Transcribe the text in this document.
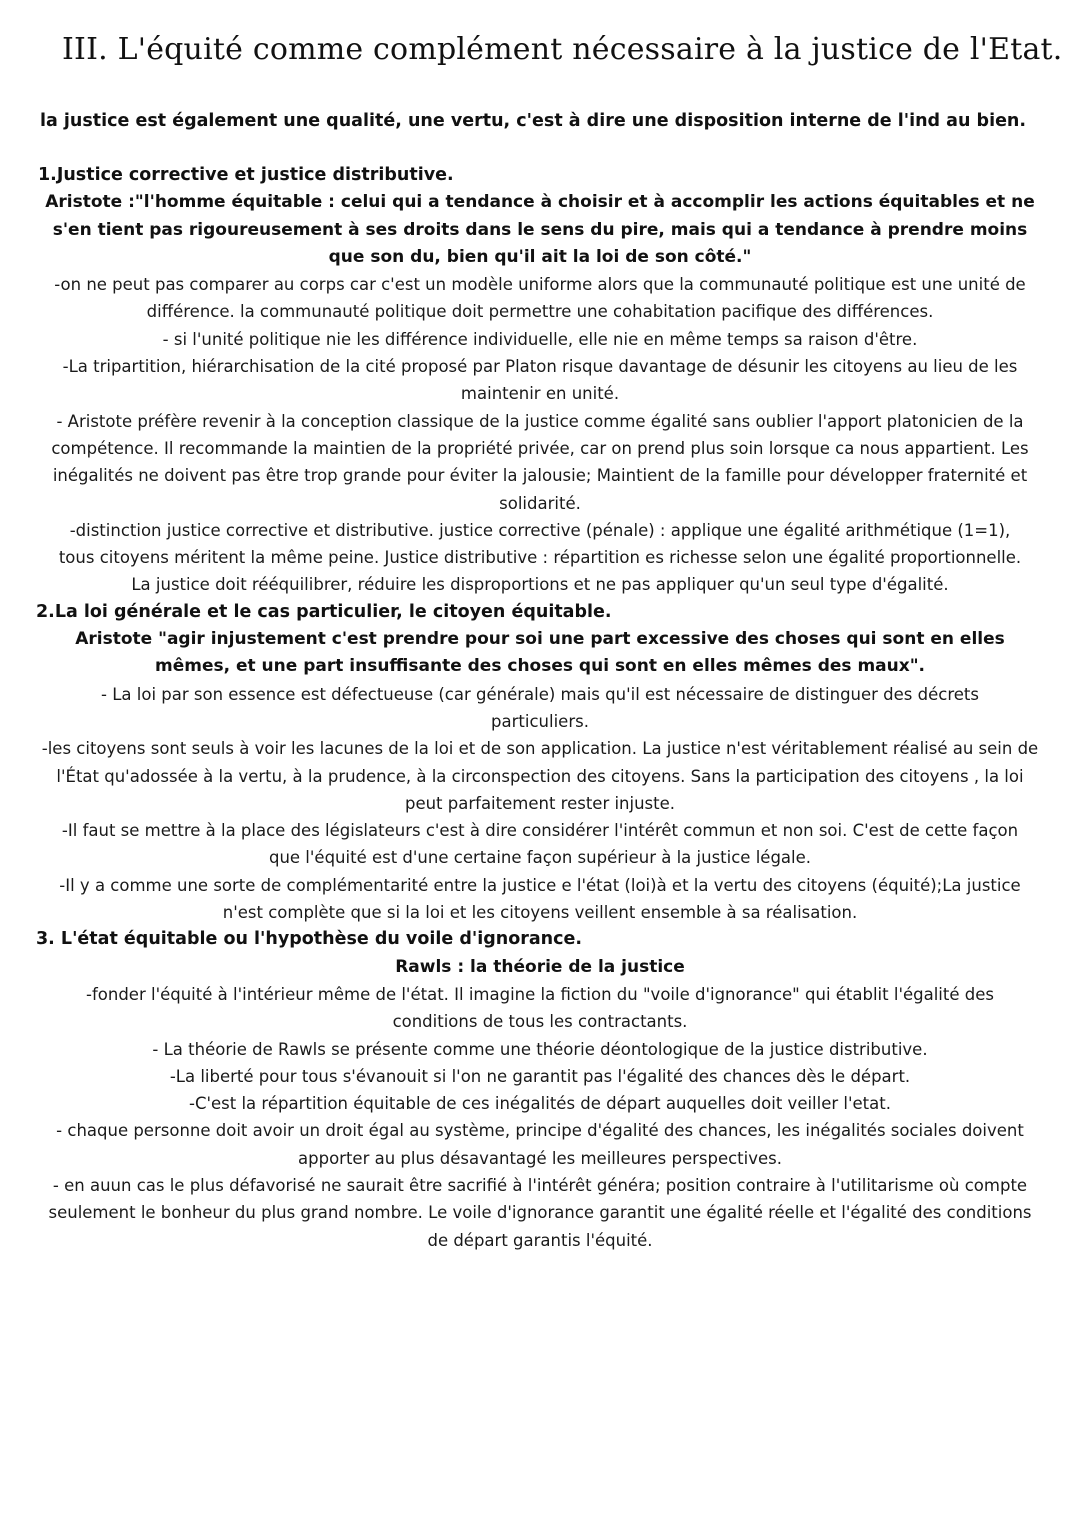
III. L'équité comme complément nécessaire à la justice de l'Etat.

la justice est également une qualité, une vertu, c'est à dire une disposition interne de l'ind au bien.

1.Justice corrective et justice distributive.

Aristote :"l'homme équitable : celui qui a tendance à choisir et à accomplir les actions équitables et ne s'en tient pas rigoureusement à ses droits dans le sens du pire, mais qui a tendance à prendre moins que son du, bien qu'il ait la loi de son côté."

-on ne peut pas comparer au corps car c'est un modèle uniforme alors que la communauté politique est une unité de différence. la communauté politique doit permettre une cohabitation pacifique des différences.

- si l'unité politique nie les différence individuelle, elle nie en même temps sa raison d'être.

-La tripartition, hiérarchisation de la cité proposé par Platon risque davantage de désunir les citoyens au lieu de les maintenir en unité.

- Aristote préfère revenir à la conception classique de la justice comme égalité sans oublier l'apport platonicien de la compétence. Il recommande la maintien de la propriété privée, car on prend plus soin lorsque ca nous appartient. Les inégalités ne doivent pas être trop grande pour éviter la jalousie; Maintient de la famille pour développer fraternité et solidarité.

-distinction justice corrective et distributive. justice corrective (pénale) : applique une égalité arithmétique (1=1), tous citoyens méritent la même peine. Justice distributive : répartition es richesse selon une égalité proportionnelle. La justice doit rééquilibrer, réduire les disproportions et ne pas appliquer qu'un seul type d'égalité.

2.La loi générale et le cas particulier, le citoyen équitable.

Aristote "agir injustement c'est prendre pour soi une part excessive des choses qui sont en elles mêmes, et une part insuffisante des choses qui sont en elles mêmes des maux".

- La loi par son essence est défectueuse (car générale) mais qu'il est nécessaire de distinguer des décrets particuliers.

-les citoyens sont seuls à voir les lacunes de la loi et de son application. La justice n'est véritablement réalisé au sein de l'État qu'adossée à la vertu, à la prudence, à la circonspection des citoyens. Sans la participation des citoyens , la loi peut parfaitement rester injuste.

-Il faut se mettre à la place des législateurs c'est à dire considérer l'intérêt commun et non soi. C'est de cette façon que l'équité est d'une certaine façon supérieur à la justice légale.

-Il y a comme une sorte de complémentarité entre la justice e l'état (loi)à et la vertu des citoyens (équité);La justice n'est complète que si la loi et les citoyens veillent ensemble à sa réalisation.

3. L'état équitable ou l'hypothèse du voile d'ignorance.

Rawls : la théorie de la justice

-fonder l'équité à l'intérieur même de l'état. Il imagine la fiction du "voile d'ignorance" qui établit l'égalité des conditions de tous les contractants.

- La théorie de Rawls se présente comme une théorie déontologique de la justice distributive.

-La liberté pour tous s'évanouit si l'on ne garantit pas l'égalité des chances dès le départ.

-C'est la répartition équitable de ces inégalités de départ auquelles doit veiller l'etat.

- chaque personne doit avoir un droit égal au système, principe d'égalité des chances, les inégalités sociales doivent apporter au plus désavantagé les meilleures perspectives.

- en auun cas le plus défavorisé ne saurait être sacrifié à l'intérêt généra; position contraire à l'utilitarisme où compte seulement le bonheur du plus grand nombre. Le voile d'ignorance garantit une égalité réelle et l'égalité des conditions de départ garantis l'équité.
